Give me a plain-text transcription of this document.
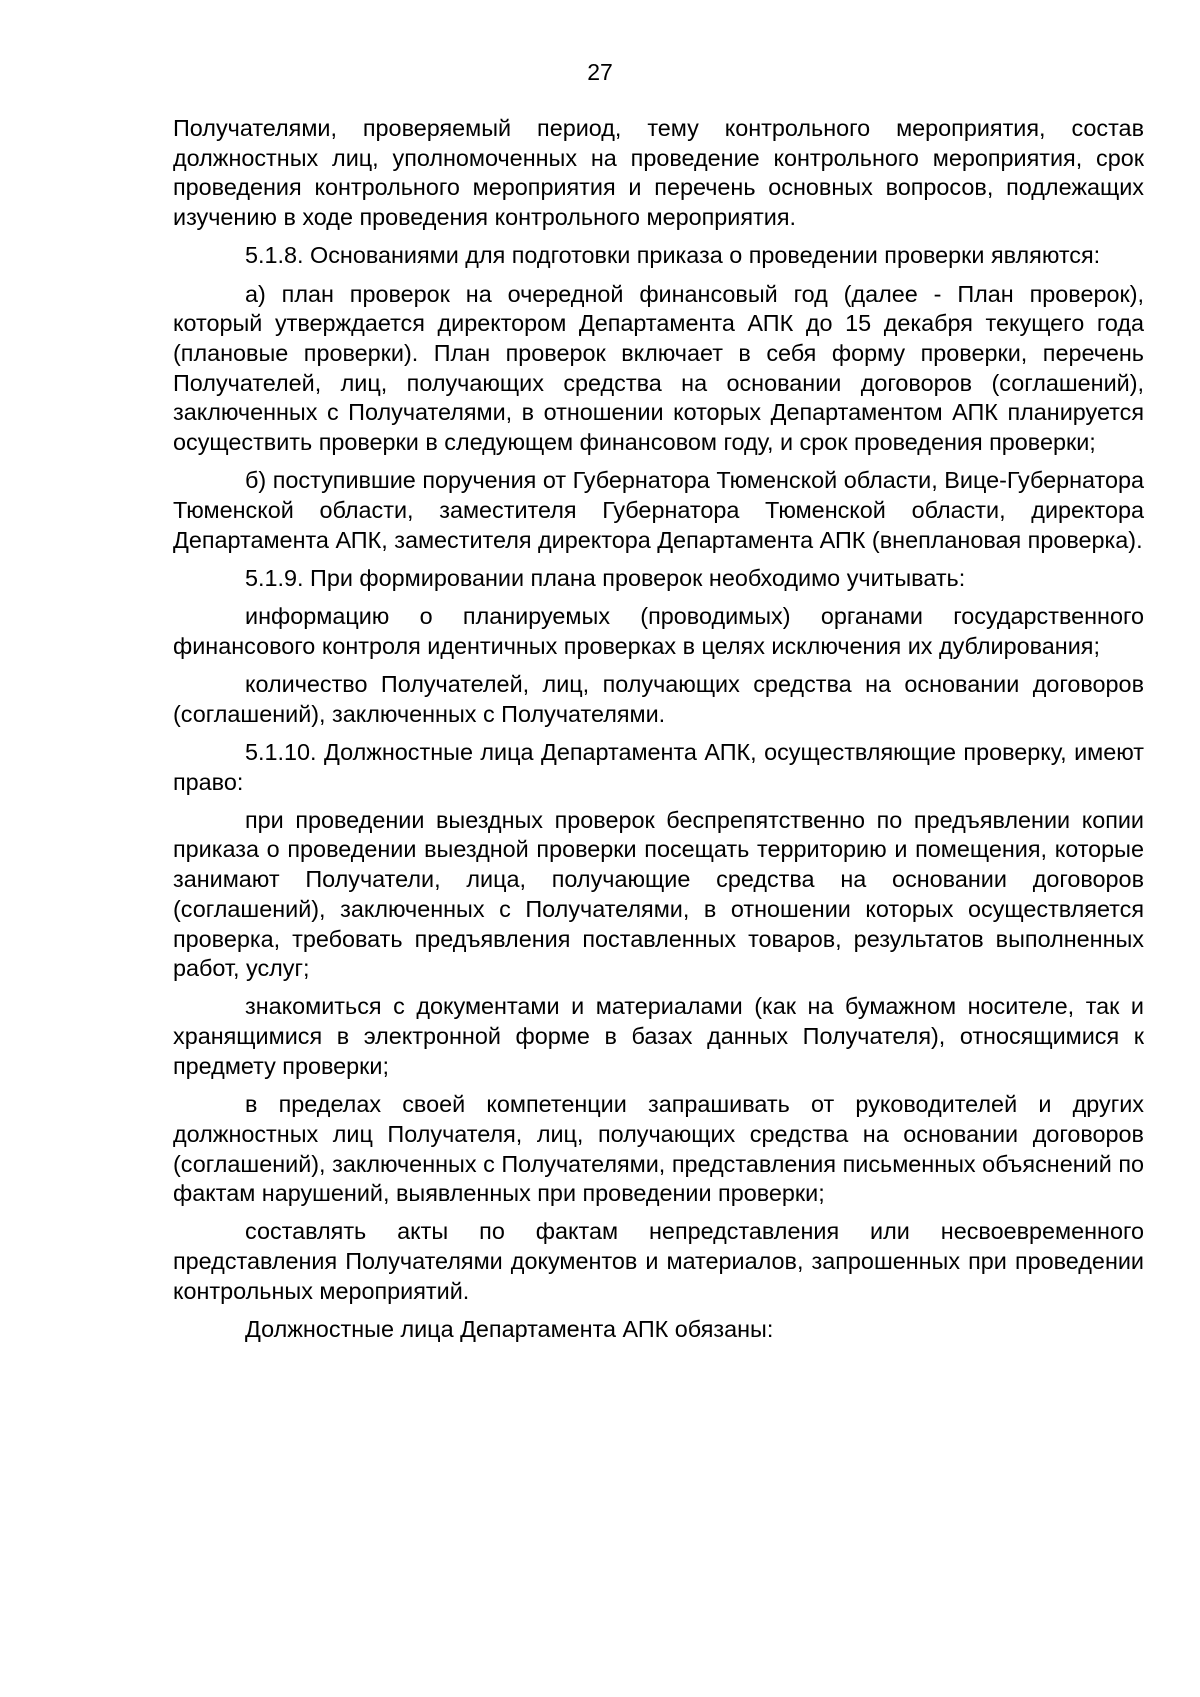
27

Получателями, проверяемый период, тему контрольного мероприятия, состав должностных лиц, уполномоченных на проведение контрольного мероприятия, срок проведения контрольного мероприятия и перечень основных вопросов, подлежащих изучению в ходе проведения контрольного мероприятия.

5.1.8. Основаниями для подготовки приказа о проведении проверки являются:

а) план проверок на очередной финансовый год (далее - План проверок), который утверждается директором Департамента АПК до 15 декабря текущего года (плановые проверки). План проверок включает в себя форму проверки, перечень Получателей, лиц, получающих средства на основании договоров (соглашений), заключенных с Получателями, в отношении которых Департаментом АПК планируется осуществить проверки в следующем финансовом году, и срок проведения проверки;

б) поступившие поручения от Губернатора Тюменской области, Вице-Губернатора Тюменской области, заместителя Губернатора Тюменской области, директора Департамента АПК, заместителя директора Департамента АПК (внеплановая проверка).

5.1.9. При формировании плана проверок необходимо учитывать:

информацию о планируемых (проводимых) органами государственного финансового контроля идентичных проверках в целях исключения их дублирования;

количество Получателей, лиц, получающих средства на основании договоров (соглашений), заключенных с Получателями.

5.1.10. Должностные лица Департамента АПК, осуществляющие проверку, имеют право:

при проведении выездных проверок беспрепятственно по предъявлении копии приказа о проведении выездной проверки посещать территорию и помещения, которые занимают Получатели, лица, получающие средства на основании договоров (соглашений), заключенных с Получателями, в отношении которых осуществляется проверка, требовать предъявления поставленных товаров, результатов выполненных работ, услуг;

знакомиться с документами и материалами (как на бумажном носителе, так и хранящимися в электронной форме в базах данных Получателя), относящимися к предмету проверки;

в пределах своей компетенции запрашивать от руководителей и других должностных лиц Получателя, лиц, получающих средства на основании договоров (соглашений), заключенных с Получателями, представления письменных объяснений по фактам нарушений, выявленных при проведении проверки;

составлять акты по фактам непредставления или несвоевременного представления Получателями документов и материалов, запрошенных при проведении контрольных мероприятий.

Должностные лица Департамента АПК обязаны:
